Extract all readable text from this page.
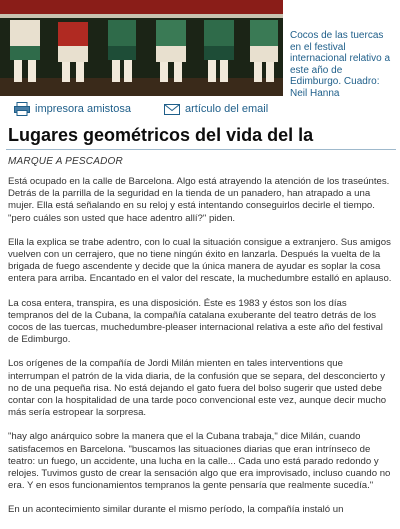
Cocos de las tuercas en el festival internacional relativo a este año de Edimburgo. Cuadro: Neil Hanna
impresora amistosa	artículo del email
Lugares geométricos del vida del la
MARQUE A PESCADOR

Está ocupado en la calle de Barcelona. Algo está atrayendo la atención de los traseúntes. Detrás de la parrilla de la seguridad en la tienda de un panadero, han atrapado a una mujer. Ella está señalando en su reloj y está intentando conseguirlos decirle el tiempo. "pero cuáles son usted que hace adentro allí?" piden.

Ella la explica se trabe adentro, con lo cual la situación consigue a extranjero. Sus amigos vuelven con un cerrajero, que no tiene ningún éxito en lanzarla. Después la vuelta de la brigada de fuego ascendente y decide que la única manera de ayudar es soplar la cosa entera para arriba. Encantado en el valor del rescate, la muchedumbre estalló en aplauso.

La cosa entera, transpira, es una disposición. Éste es 1983 y éstos son los días tempranos del de la Cubana, la compañía catalana exuberante del teatro detrás de los cocos de las tuercas, muchedumbre-pleaser internacional relativa a este año del festival de Edimburgo.

Los orígenes de la compañía de Jordi Milán mienten en tales interventions que interrumpan el patrón de la vida diaria, de la confusión que se separa, del desconcierto y no de una pequeña risa. No está dejando el gato fuera del bolso sugerir que usted debe contar con la hospitalidad de una tarde poco convencional este vez, aunque decir mucho más sería estropear la sorpresa.

"hay algo anárquico sobre la manera que el la Cubana trabaja," dice Milán, cuando satisfacemos en Barcelona. "buscamos las situaciones diarias que eran intrínseco de teatro: un fuego, un accidente, una lucha en la calle... Cada uno está parado redondo y relojes. Tuvimos gusto de crear la sensación algo que era improvisado, incluso cuando no era. Y en esos funcionamientos tempranos la gente pensaría que realmente sucedía."

En un acontecimiento similar durante el mismo período, la compañía instaló un
